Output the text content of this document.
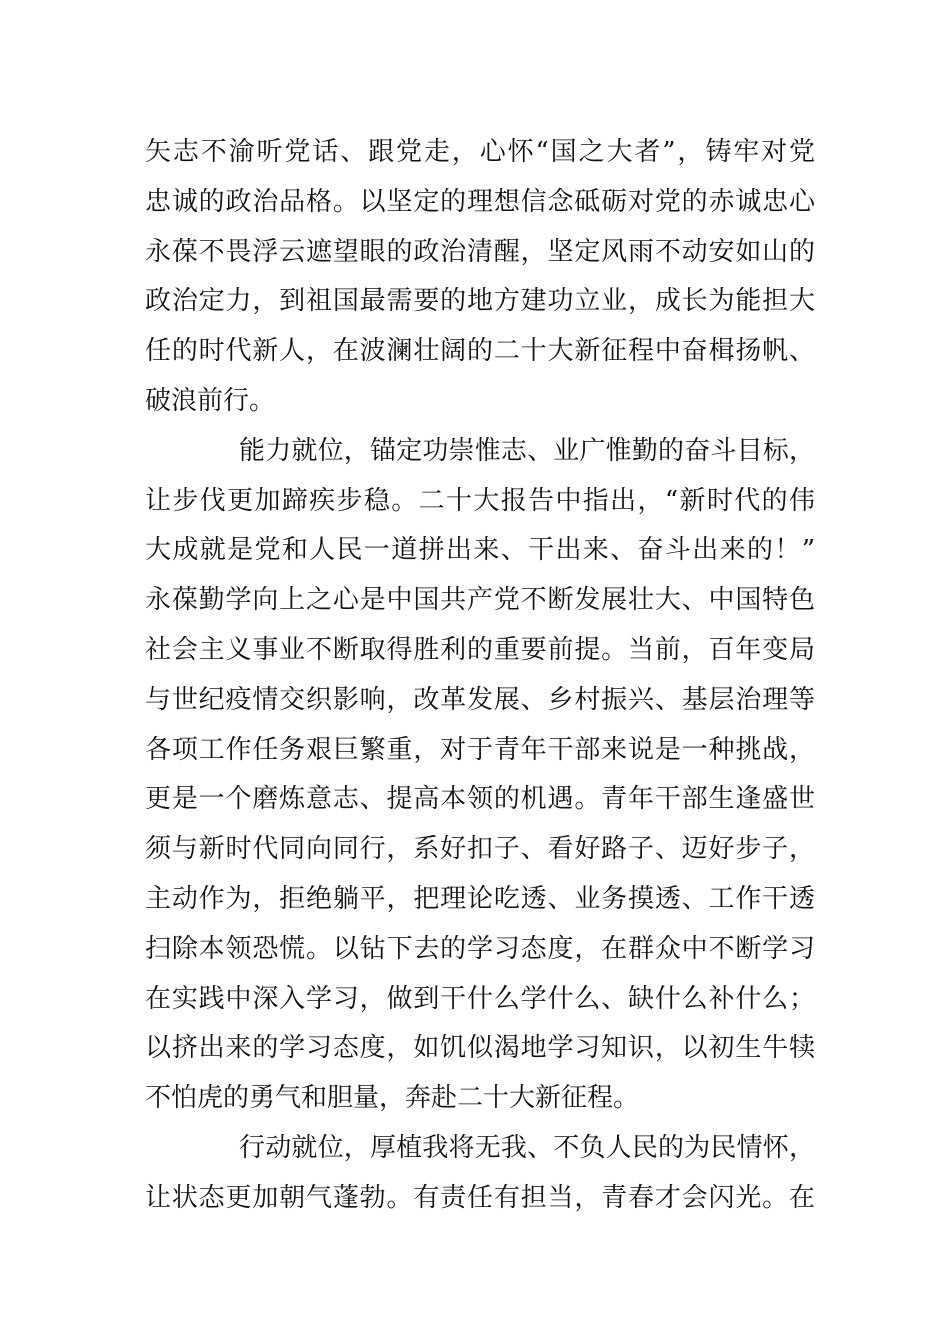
矢志不渝听党话、跟党走，心怀“国之大者”，铸牢对党
忠诚的政治品格。以坚定的理想信念砥砺对党的赤诚忠心
永葆不畏浮云遮望眼的政治清醒，坚定风雨不动安如山的
政治定力，到祖国最需要的地方建功立业，成长为能担大
任的时代新人，在波澜壮阔的二十大新征程中奋楫扬帆、
破浪前行。
能力就位，锚定功崇惟志、业广惟勤的奋斗目标，
让步伐更加蹄疾步稳。二十大报告中指出，“新时代的伟
大成就是党和人民一道拼出来、干出来、奋斗出来的！”
永葆勤学向上之心是中国共产党不断发展壮大、中国特色
社会主义事业不断取得胜利的重要前提。当前，百年变局
与世纪疫情交织影响，改革发展、乡村振兴、基层治理等
各项工作任务艰巨繁重，对于青年干部来说是一种挑战，
更是一个磨炼意志、提高本领的机遇。青年干部生逢盛世
须与新时代同向同行，系好扣子、看好路子、迈好步子，
主动作为，拒绝躺平，把理论吃透、业务摸透、工作干透
扫除本领恐慌。以钻下去的学习态度，在群众中不断学习
在实践中深入学习，做到干什么学什么、缺什么补什么；
以挤出来的学习态度，如饥似渴地学习知识，以初生牛犊
不怕虎的勇气和胆量，奔赴二十大新征程。
行动就位，厚植我将无我、不负人民的为民情怀，
让状态更加朝气蓬勃。有责任有担当，青春才会闪光。在
